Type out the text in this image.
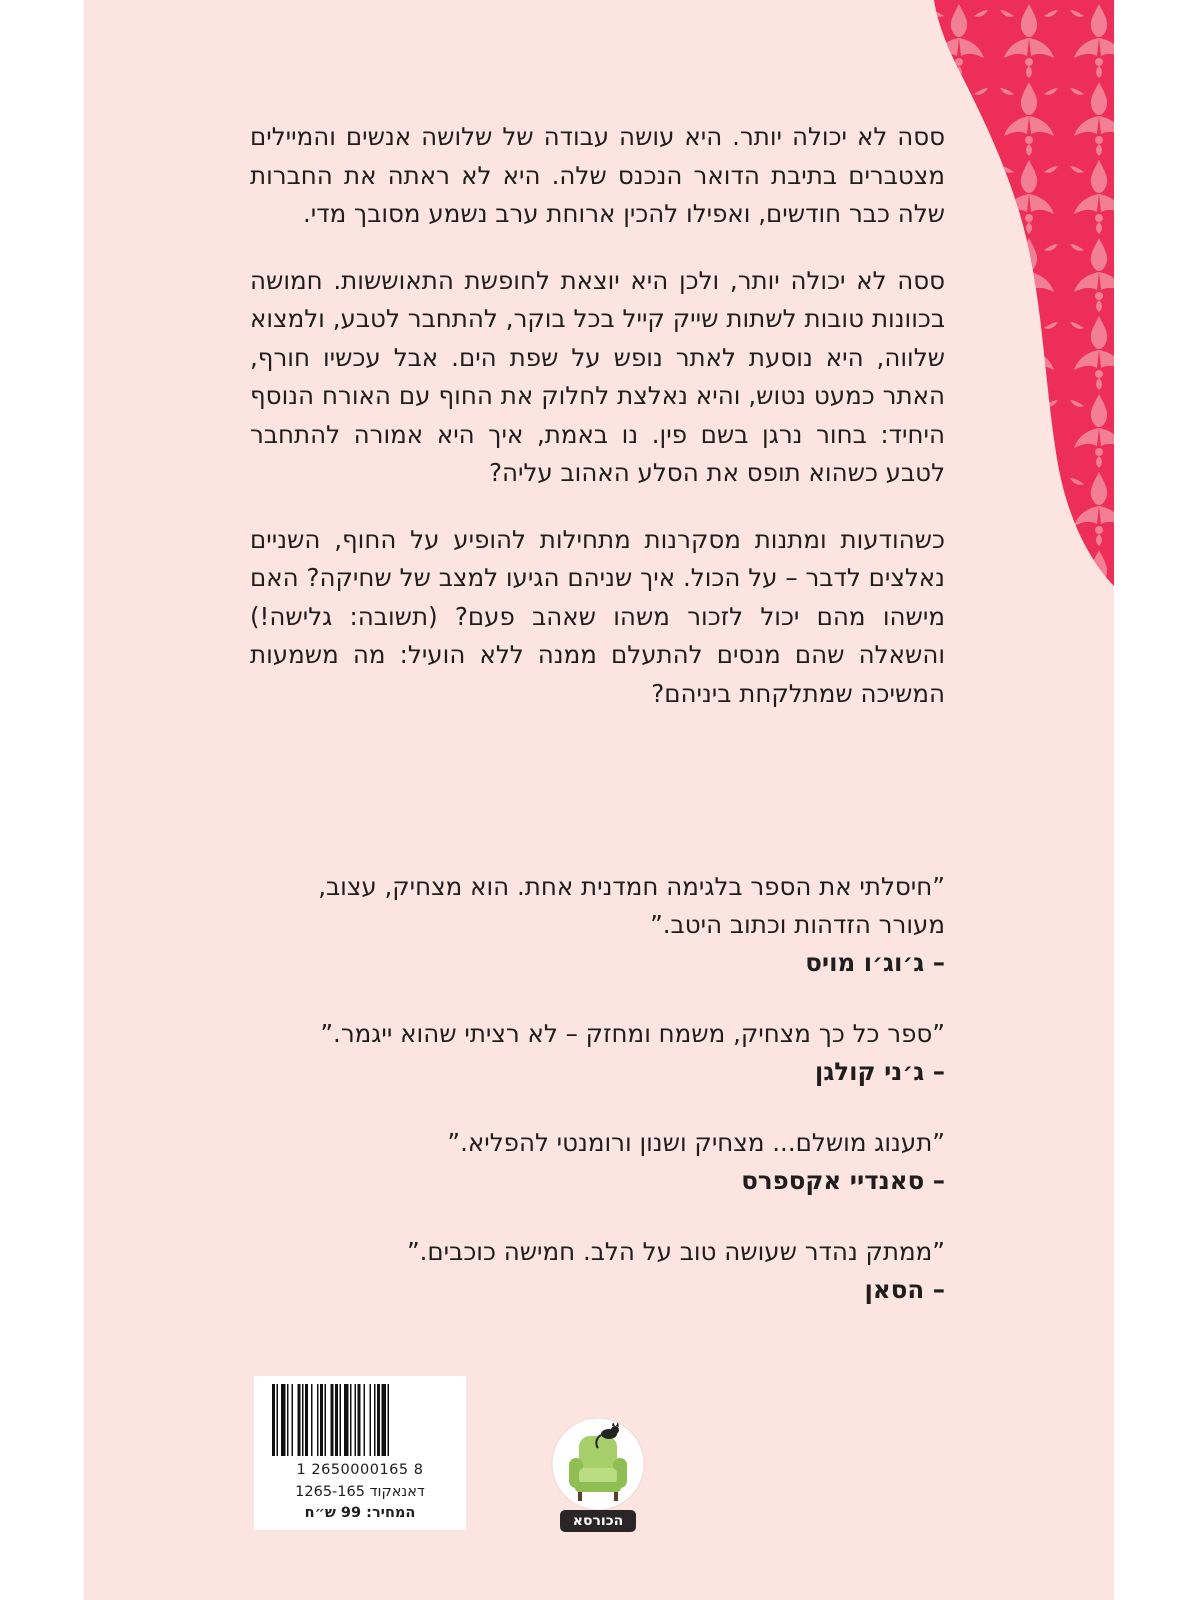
ססה לא יכולה יותר. היא עושה עבודה של שלושה אנשים והמיילים מצטברים בתיבת הדואר הנכנס שלה. היא לא ראתה את החברות שלה כבר חודשים, ואפילו להכין ארוחת ערב נשמע מסובך מדי.

ססה לא יכולה יותר, ולכן היא יוצאת לחופשת התאוששות. חמושה בכוונות טובות לשתות שייק קייל בכל בוקר, להתחבר לטבע, ולמצוא שלווה, היא נוסעת לאתר נופש על שפת הים. אבל עכשיו חורף, האתר כמעט נטוש, והיא נאלצת לחלוק את החוף עם האורח הנוסף היחיד: בחור נרגן בשם פין. נו באמת, איך היא אמורה להתחבר לטבע כשהוא תופס את הסלע האהוב עליה?

כשהודעות ומתנות מסקרנות מתחילות להופיע על החוף, השניים נאלצים לדבר – על הכול. איך שניהם הגיעו למצב של שחיקה? האם מישהו מהם יכול לזכור משהו שאהב פעם? (תשובה: גלישה!) והשאלה שהם מנסים להתעלם ממנה ללא הועיל: מה משמעות המשיכה שמתלקחת ביניהם?

”חיסלתי את הספר בלגימה חמדנית אחת. הוא מצחיק, עצוב, מעורר הזדהות וכתוב היטב.”
– ג׳וג׳ו מויס
”ספר כל כך מצחיק, משמח ומחזק – לא רציתי שהוא ייגמר.”
– ג׳ני קולגן
”תענוג מושלם... מצחיק ושנון ורומנטי להפליא.”
– סאנדיי אקספרס
”ממתק נהדר שעושה טוב על הלב. חמישה כוכבים.”
– הסאן
1 2650000165 8
דאנאקוד 1265-165
המחיר: 99 ש״ח	הכורסא
